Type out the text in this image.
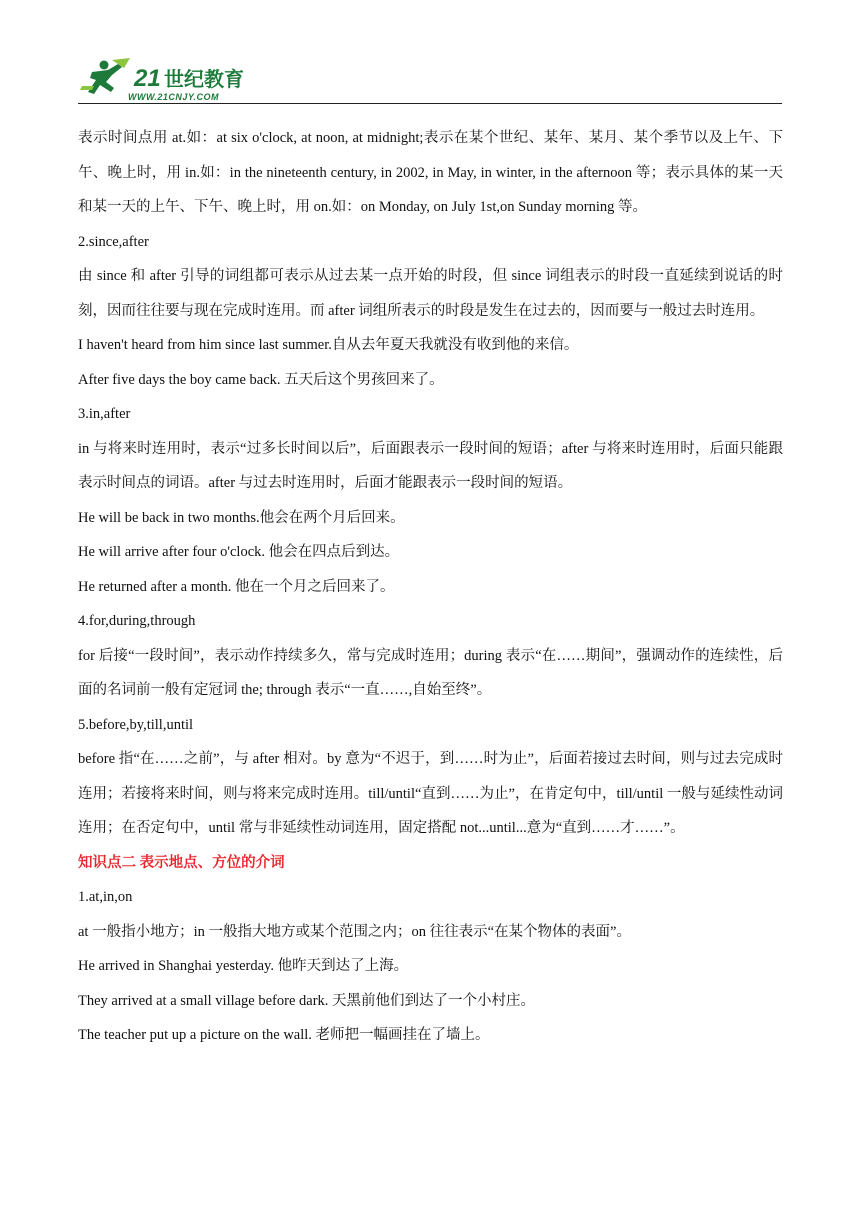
21 世纪教育
WWW.21CNJY.COM

表示时间点用 at.如：at six o'clock, at noon, at midnight;表示在某个世纪、某年、某月、某个季节以及上午、下午、晚上时，用 in.如：in the nineteenth century, in 2002, in May, in winter, in the afternoon 等；表示具体的某一天和某一天的上午、下午、晚上时，用 on.如：on Monday, on July 1st,on Sunday morning 等。

2.since,after

由 since 和 after 引导的词组都可表示从过去某一点开始的时段，但 since 词组表示的时段一直延续到说话的时刻，因而往往要与现在完成时连用。而 after 词组所表示的时段是发生在过去的，因而要与一般过去时连用。

I haven't heard from him since last summer.自从去年夏天我就没有收到他的来信。

After five days the boy came back. 五天后这个男孩回来了。

3.in,after

in 与将来时连用时，表示“过多长时间以后”，后面跟表示一段时间的短语；after 与将来时连用时，后面只能跟表示时间点的词语。after 与过去时连用时，后面才能跟表示一段时间的短语。

He will be back in two months.他会在两个月后回来。

He will arrive after four o'clock. 他会在四点后到达。

He returned after a month. 他在一个月之后回来了。

4.for,during,through

for 后接“一段时间”，表示动作持续多久，常与完成时连用；during 表示“在……期间”，强调动作的连续性，后面的名词前一般有定冠词 the; through 表示“一直……,自始至终”。

5.before,by,till,until

before 指“在……之前”，与 after 相对。by 意为“不迟于，到……时为止”，后面若接过去时间，则与过去完成时连用；若接将来时间，则与将来完成时连用。till/until“直到……为止”，在肯定句中，till/until 一般与延续性动词连用；在否定句中，until 常与非延续性动词连用，固定搭配 not...until...意为“直到……才……”。

知识点二 表示地点、方位的介词

1.at,in,on

at 一般指小地方；in 一般指大地方或某个范围之内；on 往往表示“在某个物体的表面”。

He arrived in Shanghai yesterday. 他昨天到达了上海。

They arrived at a small village before dark. 天黑前他们到达了一个小村庄。

The teacher put up a picture on the wall. 老师把一幅画挂在了墙上。
